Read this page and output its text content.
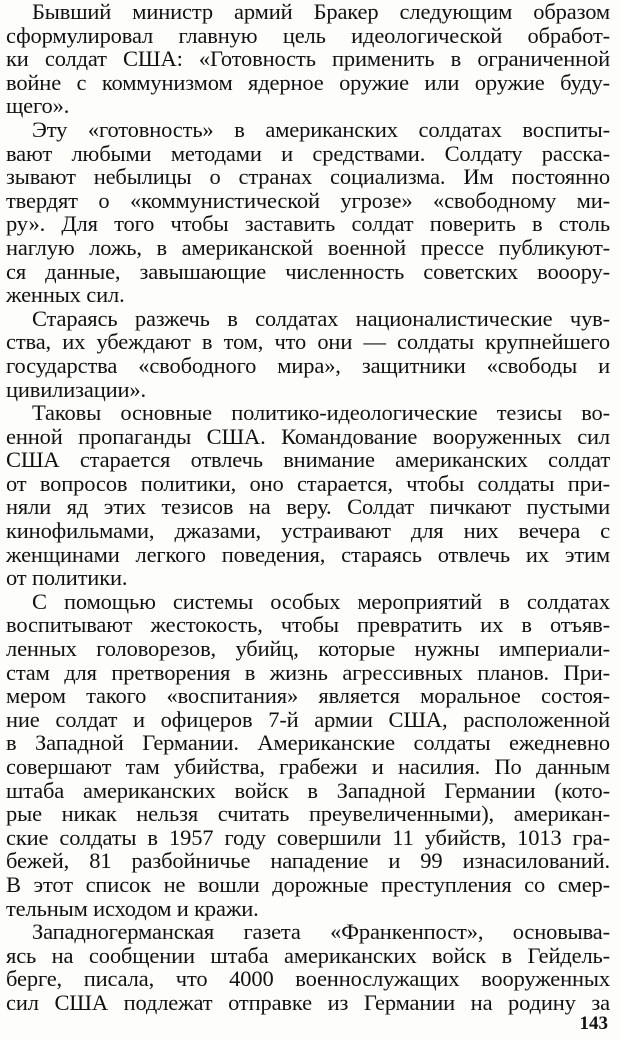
Бывший министр армий Бракер следующим образом
сформулировал главную цель идеологической обработ-
ки солдат США: «Готовность применить в ограниченной
войне с коммунизмом ядерное оружие или оружие буду-
щего».
Эту «готовность» в американских солдатах воспиты-
вают любыми методами и средствами. Солдату расска-
зывают небылицы о странах социализма. Им постоянно
твердят о «коммунистической угрозе» «свободному ми-
ру». Для того чтобы заставить солдат поверить в столь
наглую ложь, в американской военной прессе публикуют-
ся данные, завышающие численность советских вооору-
женных сил.
Стараясь разжечь в солдатах националистические чув-
ства, их убеждают в том, что они — солдаты крупнейшего
государства «свободного мира», защитники «свободы и
цивилизации».
Таковы основные политико-идеологические тезисы во-
енной пропаганды США. Командование вооруженных сил
США старается отвлечь внимание американских солдат
от вопросов политики, оно старается, чтобы солдаты при-
няли яд этих тезисов на веру. Солдат пичкают пустыми
кинофильмами, джазами, устраивают для них вечера с
женщинами легкого поведения, стараясь отвлечь их этим
от политики.
С помощью системы особых мероприятий в солдатах
воспитывают жестокость, чтобы превратить их в отъяв-
ленных головорезов, убийц, которые нужны империали-
стам для претворения в жизнь агрессивных планов. При-
мером такого «воспитания» является моральное состоя-
ние солдат и офицеров 7-й армии США, расположенной
в Западной Германии. Американские солдаты ежедневно
совершают там убийства, грабежи и насилия. По данным
штаба американских войск в Западной Германии (кото-
рые никак нельзя считать преувеличенными), американ-
ские солдаты в 1957 году совершили 11 убийств, 1013 гра-
бежей, 81 разбойничье нападение и 99 изнасилований.
В этот список не вошли дорожные преступления со смер-
тельным исходом и кражи.
Западногерманская газета «Франкенпост», основыва-
ясь на сообщении штаба американских войск в Гейдель-
берге, писала, что 4000 военнослужащих вооруженных
сил США подлежат отправке из Германии на родину за
143
